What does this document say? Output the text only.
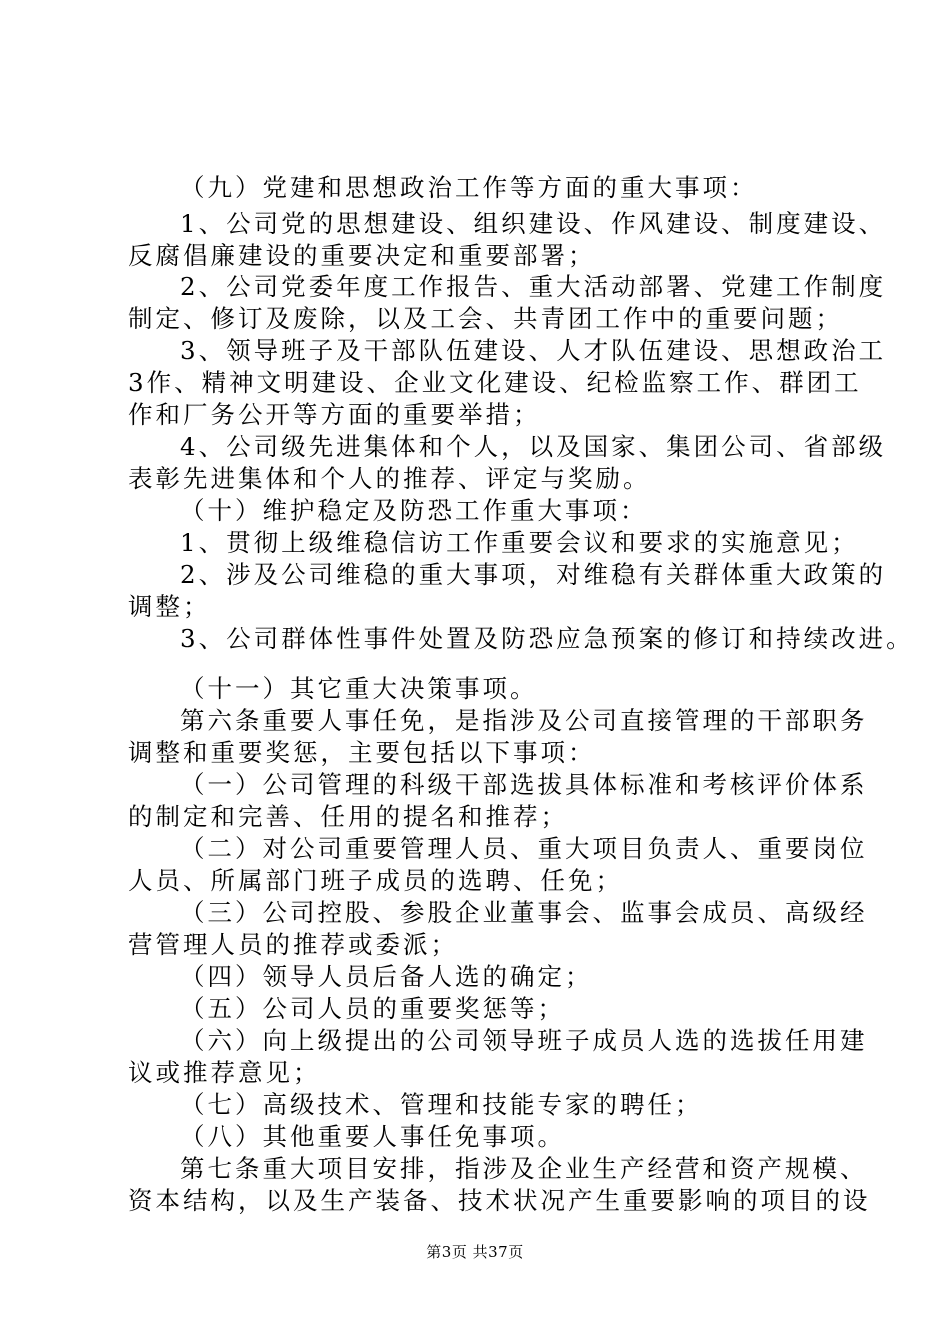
（九）党建和思想政治工作等方面的重大事项：
1、公司党的思想建设、组织建设、作风建设、制度建设、
反腐倡廉建设的重要决定和重要部署；
2、公司党委年度工作报告、重大活动部署、党建工作制度
制定、修订及废除，以及工会、共青团工作中的重要问题；
3、领导班子及干部队伍建设、人才队伍建设、思想政治工
3作、精神文明建设、企业文化建设、纪检监察工作、群团工
作和厂务公开等方面的重要举措；
4、公司级先进集体和个人，以及国家、集团公司、省部级
表彰先进集体和个人的推荐、评定与奖励。
（十）维护稳定及防恐工作重大事项：
1、贯彻上级维稳信访工作重要会议和要求的实施意见；
2、涉及公司维稳的重大事项，对维稳有关群体重大政策的
调整；
3、公司群体性事件处置及防恐应急预案的修订和持续改进。
（十一）其它重大决策事项。
第六条重要人事任免，是指涉及公司直接管理的干部职务
调整和重要奖惩，主要包括以下事项：
（一）公司管理的科级干部选拔具体标准和考核评价体系
的制定和完善、任用的提名和推荐；
（二）对公司重要管理人员、重大项目负责人、重要岗位
人员、所属部门班子成员的选聘、任免；
（三）公司控股、参股企业董事会、监事会成员、高级经
营管理人员的推荐或委派；
（四）领导人员后备人选的确定；
（五）公司人员的重要奖惩等；
（六）向上级提出的公司领导班子成员人选的选拔任用建
议或推荐意见；
（七）高级技术、管理和技能专家的聘任；
（八）其他重要人事任免事项。
第七条重大项目安排，指涉及企业生产经营和资产规模、
资本结构，以及生产装备、技术状况产生重要影响的项目的设
第3页 共37页
